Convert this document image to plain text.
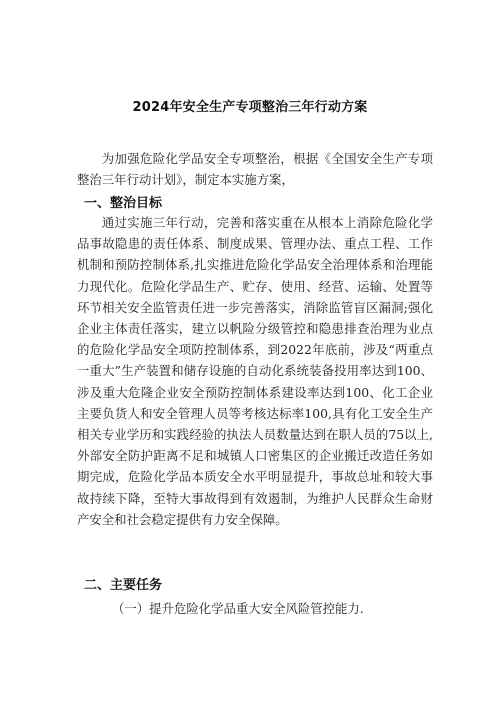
2024年安全生产专项整治三年行动方案

为加强危险化学品安全专项整治，根据《全国安全生产专项整治三年行动计划》，制定本实施方案，

一、整治目标

通过实施三年行动，完善和落实重在从根本上消除危险化学品事故隐患的责任体系、制度成果、管理办法、重点工程、工作机制和预防控制体系,扎实推进危险化学品安全治理体系和治理能力现代化。危险化学品生产、贮存、使用、经营、运输、处置等环节相关安全监管责任进一步完善落实，消除监管盲区漏洞;强化企业主体责任落实，建立以帆险分级管控和隐患排查治理为业点的危险化学品安全项防控制体系，到2022年底前，涉及“两重点一重大”生产装置和储存设施的自动化系统装备投用率达到100、涉及重大危隆企业安全预防控制体系建设率达到100、化工企业主要负货人和安全管理人员等考核达标率100,具有化工安全生产相关专业学历和实践经验的执法人员数量达到在职人员的75以上,外部安全防护距离不足和城镇人口密集区的企业搬迁改造任务如期完成，危险化学品本质安全水平明显提升，事故总址和较大事故持续下降，至特大事故得到有效遏制，为维护人民群众生命财产安全和社会稳定提供有力安全保障。

二、主要任务
（一）提升危险化学品重大安全风险管控能力.
